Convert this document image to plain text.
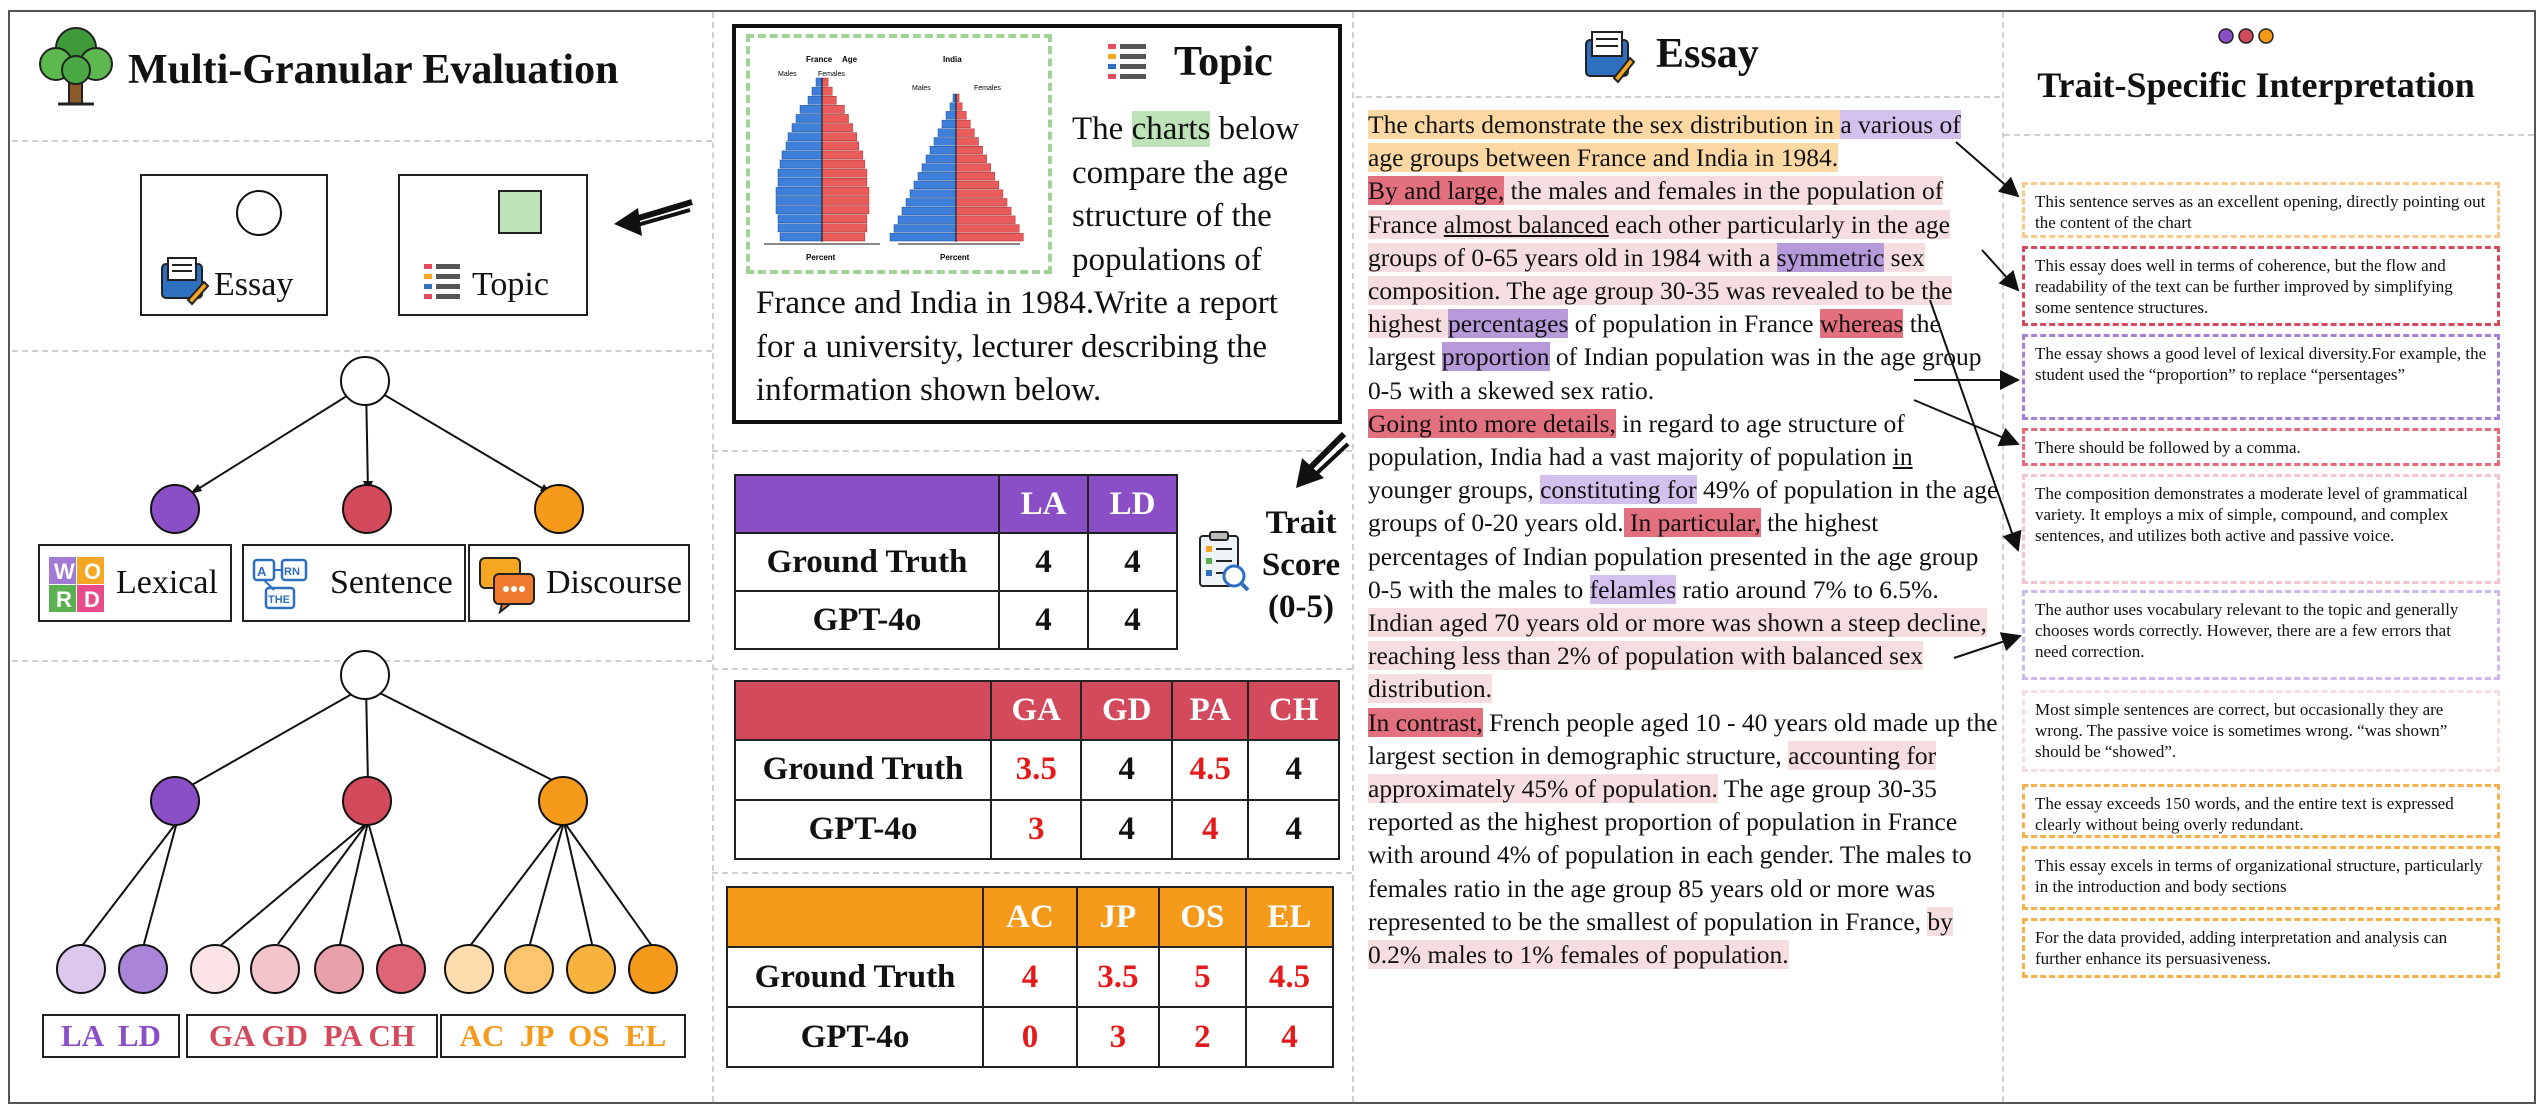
Multi-Granular Evaluation
Essay	Topic
W O
R D Lexical	A RN
THE Sentence	Discourse
LA  LD	GA GD  PA CH	AC  JP  OS  EL
France Age	India
Males	Females
Males	Females
Percent	Percent
Topic
The charts below
compare the age
structure of the
populations of
France and India in 1984.Write a report
for a university, lecturer describing the
information shown below.
	LA	LD
Ground Truth	4	4
GPT-4o	4	4
	GA	GD	PA	CH
Ground Truth	3.5	4	4.5	4
GPT-4o	3	4	4	4
	AC	JP	OS	EL
Ground Truth	4	3.5	5	4.5
GPT-4o	0	3	2	4
Trait
Score
(0-5)
Essay
The charts demonstrate the sex distribution in a various of age groups between France and India in 1984.
By and large, the males and females in the population of France almost balanced each other particularly in the age groups of 0-65 years old in 1984 with a symmetric sex composition. The age group 30-35 was revealed to be the highest percentages of population in France whereas the largest proportion of Indian population was in the age group 0-5 with a skewed sex ratio.
Going into more details, in regard to age structure of population, India had a vast majority of population in younger groups, constituting for 49% of population in the age groups of 0-20 years old. In particular, the highest percentages of Indian population presented in the age group 0-5 with the males to felamles ratio around 7% to 6.5%. Indian aged 70 years old or more was shown a steep decline, reaching less than 2% of population with balanced sex distribution.
In contrast, French people aged 10 - 40 years old made up the largest section in demographic structure, accounting for approximately 45% of population. The age group 30-35 reported as the highest proportion of population in France with around 4% of population in each gender. The males to females ratio in the age group 85 years old or more was represented to be the smallest of population in France, by 0.2% males to 1% females of population.
Trait-Specific Interpretation
This sentence serves as an excellent opening, directly pointing out the content of the chart
This essay does well in terms of coherence, but the flow and readability of the text can be further improved by simplifying some sentence structures.
The essay shows a good level of lexical diversity.For example, the student used the “proportion” to replace “persentages”
There should be followed by a comma.
The composition demonstrates a moderate level of grammatical variety. It employs a mix of simple, compound, and complex sentences, and utilizes both active and passive voice.
The author uses vocabulary relevant to the topic and generally chooses words correctly. However, there are a few errors that need correction.
Most simple sentences are correct, but occasionally they are wrong. The passive voice is sometimes wrong. “was shown” should be “showed”.
The essay exceeds 150 words, and the entire text is expressed clearly without being overly redundant.
This essay excels in terms of organizational structure, particularly in the introduction and body sections
For the data provided, adding interpretation and analysis can further enhance its persuasiveness.
